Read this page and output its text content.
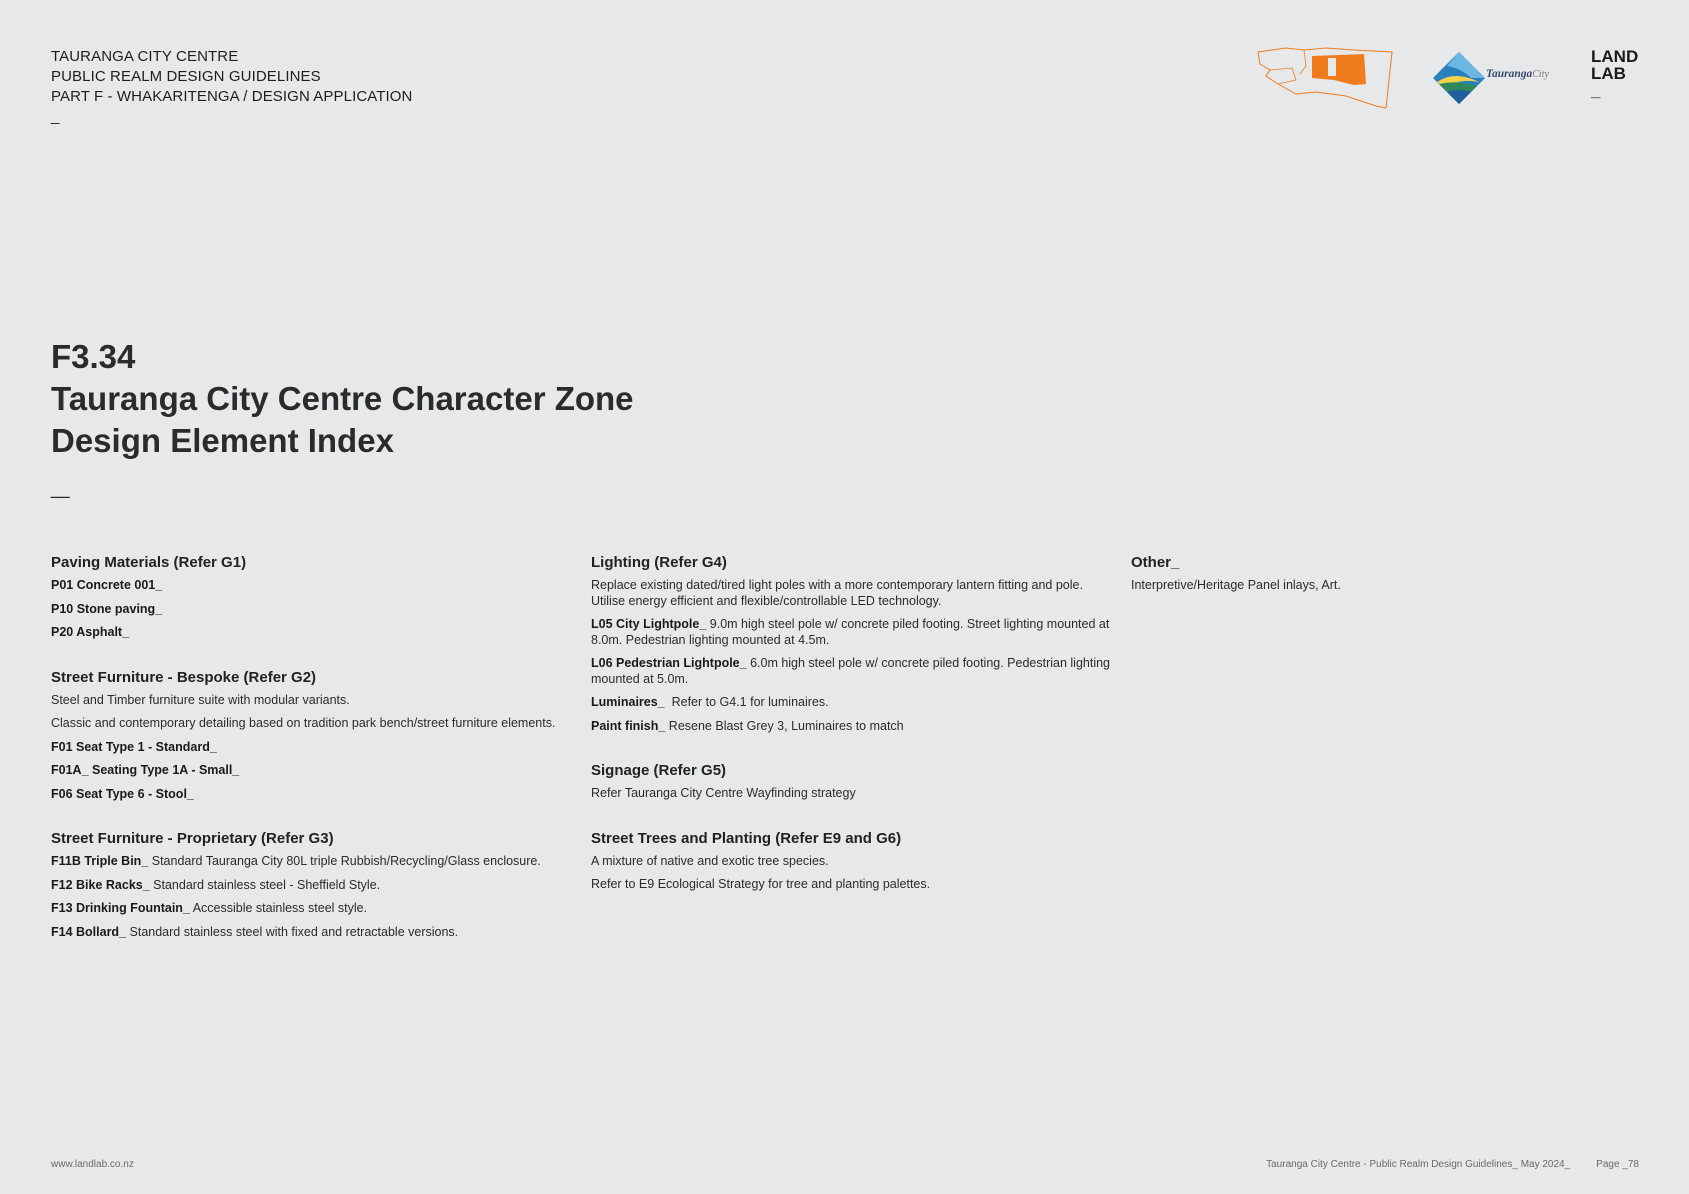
TAURANGA CITY CENTRE
PUBLIC REALM DESIGN GUIDELINES
PART F - WHAKARITENGA / DESIGN APPLICATION
_
TaurangaCity
LAND
LAB
_
F3.34
Tauranga City Centre Character Zone
Design Element Index
_
Paving Materials (Refer G1)

P01 Concrete 001_

P10 Stone paving_

P20 Asphalt_

Street Furniture - Bespoke (Refer G2)

Steel and Timber furniture suite with modular variants.

Classic and contemporary detailing based on tradition park bench/street furniture elements.

F01 Seat Type 1 - Standard_

F01A_ Seating Type 1A - Small_

F06 Seat Type 6 - Stool_

Street Furniture - Proprietary (Refer G3)

F11B Triple Bin_ Standard Tauranga City 80L triple Rubbish/Recycling/Glass enclosure.

F12 Bike Racks_ Standard stainless steel - Sheffield Style.

F13 Drinking Fountain_ Accessible stainless steel style.

F14 Bollard_ Standard stainless steel with fixed and retractable versions.

Lighting (Refer G4)

Replace existing dated/tired light poles with a more contemporary lantern fitting and pole.   Utilise energy efficient and flexible/controllable LED technology.

L05 City Lightpole_ 9.0m high steel pole w/ concrete piled footing. Street lighting mounted at 8.0m. Pedestrian lighting mounted at 4.5m.

L06 Pedestrian Lightpole_ 6.0m high steel pole w/ concrete piled footing. Pedestrian lighting mounted at 5.0m.

Luminaires_  Refer to G4.1 for luminaires.

Paint finish_ Resene Blast Grey 3, Luminaires to match

Signage (Refer G5)

Refer Tauranga City Centre Wayfinding strategy

Street Trees and Planting (Refer E9 and G6)

A mixture of native and exotic tree species.

Refer to E9 Ecological Strategy for tree and planting palettes.

Other_

Interpretive/Heritage Panel inlays, Art.

www.landlab.co.nz	Tauranga City Centre - Public Realm Design Guidelines_ May 2024_	Page _78
